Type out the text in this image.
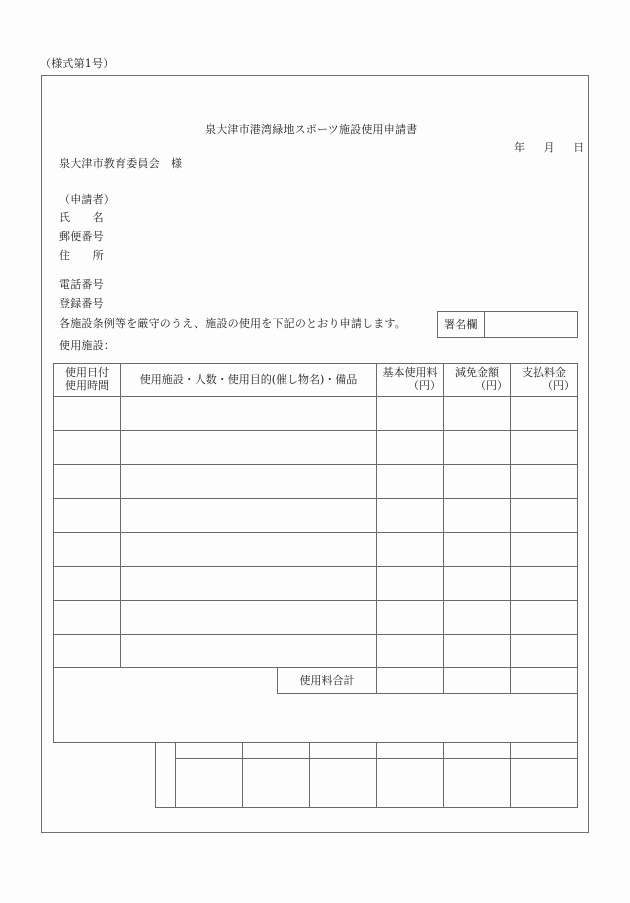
（様式第1号）
泉大津市港湾緑地スポーツ施設使用申請書
年 月 日
泉大津市教育委員会　様
（申請者）
氏　　名
郵便番号
住　　所
電話番号
登録番号
各施設条例等を厳守のうえ、施設の使用を下記のとおり申請します。	署名欄
使用施設：
使用日付
使用時間	使用施設・人数・使用目的(催し物名)・備品
基本使用料
（円）
減免金額
（円）
支払料金
（円）
使用料合計
